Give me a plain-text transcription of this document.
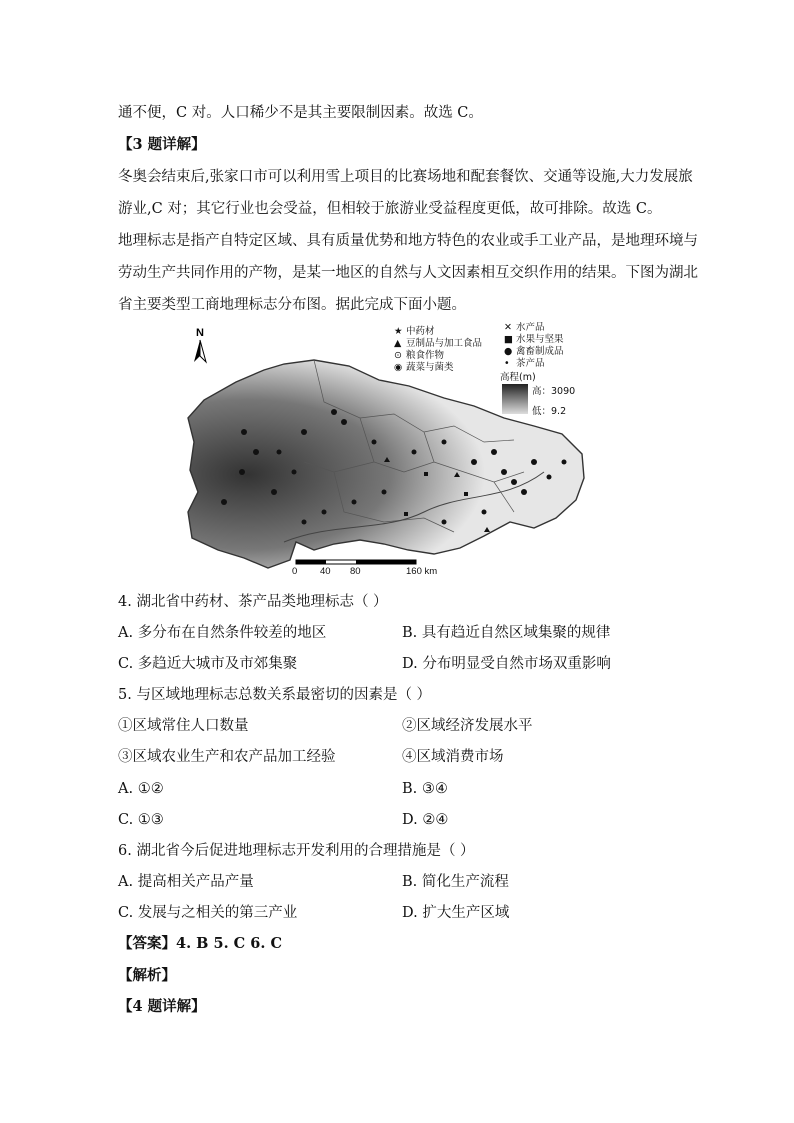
通不便，C 对。人口稀少不是其主要限制因素。故选 C。
【3 题详解】
冬奥会结束后,张家口市可以利用雪上项目的比赛场地和配套餐饮、交通等设施,大力发展旅
游业,C 对；其它行业也会受益，但相较于旅游业受益程度更低，故可排除。故选 C。
地理标志是指产自特定区域、具有质量优势和地方特色的农业或手工业产品，是地理环境与
劳动生产共同作用的产物，是某一地区的自然与人文因素相互交织作用的结果。下图为湖北
省主要类型工商地理标志分布图。据此完成下面小题。
N	★ 中药材
▲ 豆制品与加工食品
⊙ 粮食作物
◉ 蔬菜与菌类
✕ 水产品
■ 水果与坚果
● 禽畜制成品
• 茶产品
高程(m)
高：3090
低：9.2
0 40 80	160 km
4. 湖北省中药材、茶产品类地理标志（ ）
A. 多分布在自然条件较差的地区	B. 具有趋近自然区域集聚的规律
C. 多趋近大城市及市郊集聚	D. 分布明显受自然市场双重影响
5. 与区域地理标志总数关系最密切的因素是（ ）
①区域常住人口数量	②区域经济发展水平
③区域农业生产和农产品加工经验	④区域消费市场
A. ①②	B. ③④
C. ①③	D. ②④
6. 湖北省今后促进地理标志开发利用的合理措施是（ ）
A. 提高相关产品产量	B. 简化生产流程
C. 发展与之相关的第三产业	D. 扩大生产区域
【答案】4. B 5. C 6. C
【解析】
【4 题详解】
